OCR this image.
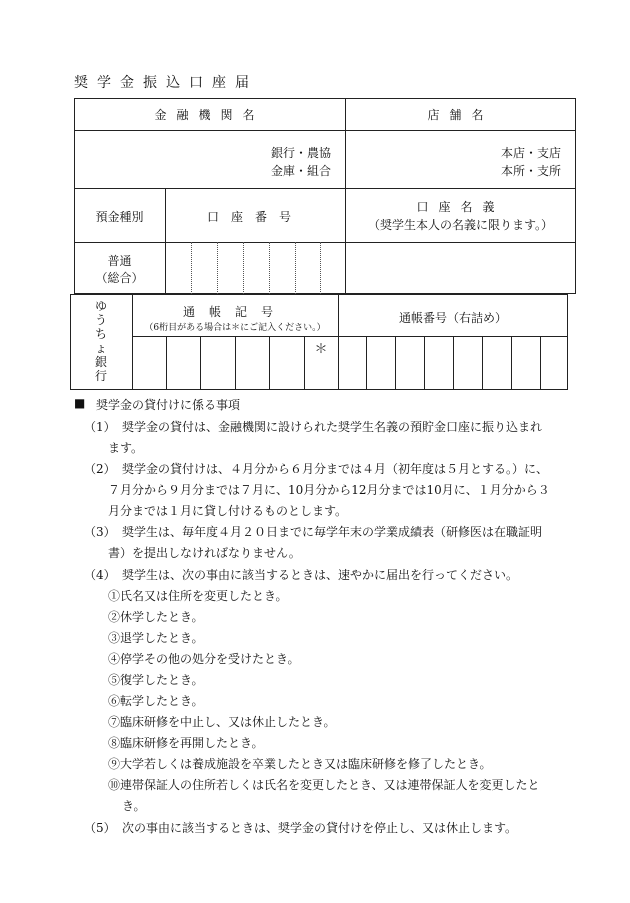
奨学金振込口座届
金融機関名	店舗名
銀行・農協
金庫・組合
本店・支店
本所・支所
預金種別	口座番号
口座名義
（奨学生本人の名義に限ります。）
普通
（総合）
ゆ
う
ち
ょ
銀
行
通帳記号
（6桁目がある場合は＊にご記入ください。）
通帳番号（右詰め）
＊
■ 奨学金の貸付けに係る事項
（1） 奨学金の貸付は、金融機関に設けられた奨学生名義の預貯金口座に振り込まれ
ます。
（2） 奨学金の貸付けは、４月分から６月分までは４月（初年度は５月とする。）に、
７月分から９月分までは７月に、10月分から12月分までは10月に、１月分から３
月分までは１月に貸し付けるものとします。
（3） 奨学生は、毎年度４月２０日までに毎学年末の学業成績表（研修医は在職証明
書）を提出しなければなりません。
（4） 奨学生は、次の事由に該当するときは、速やかに届出を行ってください。
①氏名又は住所を変更したとき。
②休学したとき。
③退学したとき。
④停学その他の処分を受けたとき。
⑤復学したとき。
⑥転学したとき。
⑦臨床研修を中止し、又は休止したとき。
⑧臨床研修を再開したとき。
⑨大学若しくは養成施設を卒業したとき又は臨床研修を修了したとき。
⑩連帯保証人の住所若しくは氏名を変更したとき、又は連帯保証人を変更したと
き。
（5） 次の事由に該当するときは、奨学金の貸付けを停止し、又は休止します。
